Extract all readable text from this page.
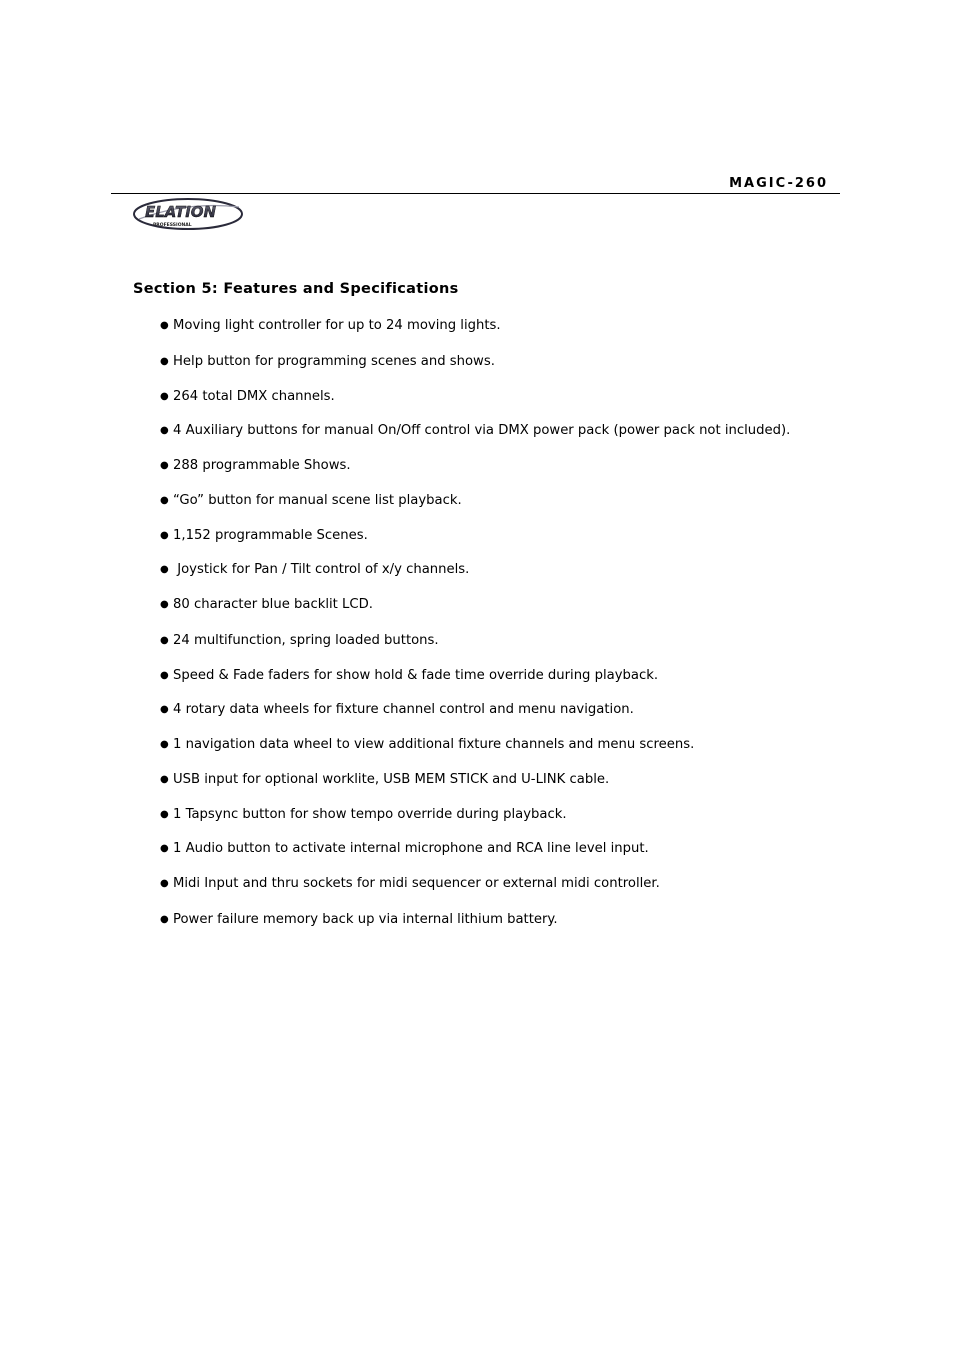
MAGIC-260
ELATION
PROFESSIONAL
Section 5: Features and Specifications
● Moving light controller for up to 24 moving lights.
● Help button for programming scenes and shows.
● 264 total DMX channels.
● 4 Auxiliary buttons for manual On/Off control via DMX power pack (power pack not included).
● 288 programmable Shows.
● “Go” button for manual scene list playback.
● 1,152 programmable Scenes.
● Joystick for Pan / Tilt control of x/y channels.
● 80 character blue backlit LCD.
● 24 multifunction, spring loaded buttons.
● Speed & Fade faders for show hold & fade time override during playback.
● 4 rotary data wheels for fixture channel control and menu navigation.
● 1 navigation data wheel to view additional fixture channels and menu screens.
● USB input for optional worklite, USB MEM STICK and U-LINK cable.
● 1 Tapsync button for show tempo override during playback.
● 1 Audio button to activate internal microphone and RCA line level input.
● Midi Input and thru sockets for midi sequencer or external midi controller.
● Power failure memory back up via internal lithium battery.
